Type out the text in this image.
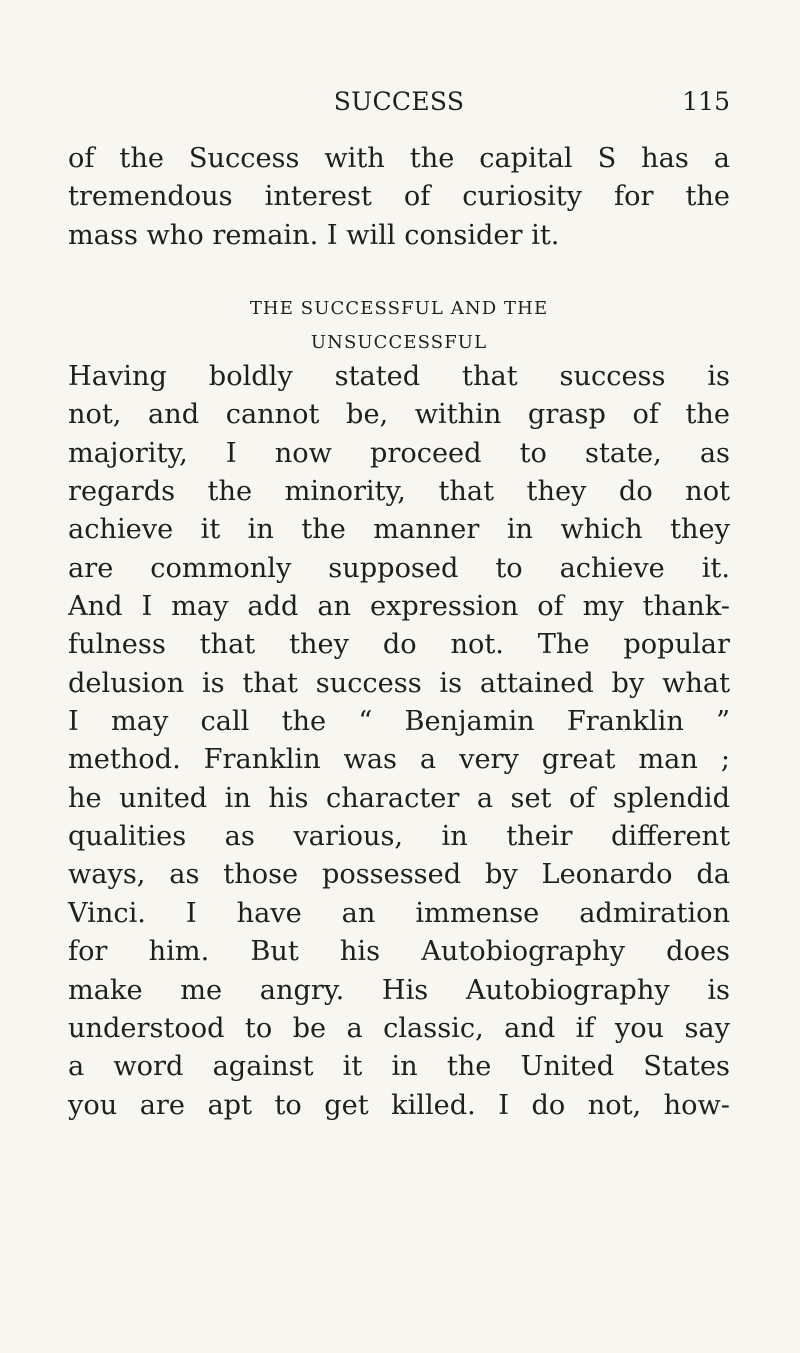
SUCCESS	115
of the Success with the capital S has a
tremendous interest of curiosity for the
mass who remain. I will consider it.
THE SUCCESSFUL AND THE
UNSUCCESSFUL
Having boldly stated that success is
not, and cannot be, within grasp of the
majority, I now proceed to state, as
regards the minority, that they do not
achieve it in the manner in which they
are commonly supposed to achieve it.
And I may add an expression of my thank-
fulness that they do not. The popular
delusion is that success is attained by what
I may call the “ Benjamin Franklin ”
method. Franklin was a very great man ;
he united in his character a set of splendid
qualities as various, in their different
ways, as those possessed by Leonardo da
Vinci. I have an immense admiration
for him. But his Autobiography does
make me angry. His Autobiography is
understood to be a classic, and if you say
a word against it in the United States
you are apt to get killed. I do not, how-
